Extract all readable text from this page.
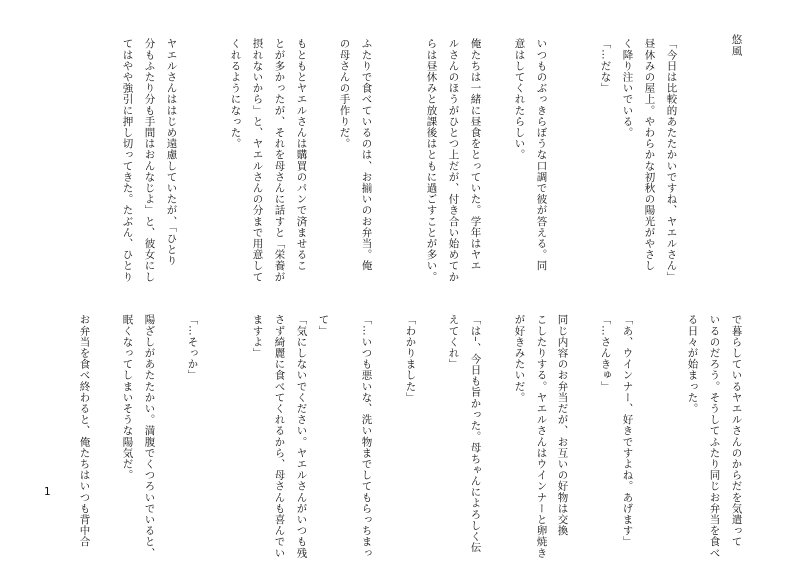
悠風
「今日は比較的あたたかいですね、ヤエルさん」
昼休みの屋上。やわらかな初秋の陽光がやさし
く降り注いでいる。
「…だな」
いつものぶっきらぼうな口調で彼が答える。同
意はしてくれたらしい。
俺たちは一緒に昼食をとっていた。学年はヤエ
ルさんのほうがひとつ上だが、付き合い始めてか
らは昼休みと放課後はともに過ごすことが多い。
ふたりで食べているのは、お揃いのお弁当。俺
の母さんの手作りだ。
もともとヤエルさんは購買のパンで済ませるこ
とが多かったが、それを母さんに話すと「栄養が
摂れないから」と、ヤエルさんの分まで用意して
くれるようになった。
ヤエルさんははじめ遠慮していたが、「ひとり
分もふたり分も手間はおんなじよ」と、彼女にし
てはやや強引に押し切ってきた。たぶん、ひとり
で暮らしているヤエルさんのからだを気遣って
いるのだろう。そうしてふたり同じお弁当を食べ
る日々が始まった。
「あ、ウインナー、好きですよね。あげます」
「…さんきゅ」
同じ内容のお弁当だが、お互いの好物は交換
こしたりする。ヤエルさんはウインナーと卵焼き
が好きみたいだ。
「は–、今日も旨かった。母ちゃんによろしく伝
えてくれ」
「わかりました」
「…いつも悪いな、洗い物までしてもらっちまっ
て」
「気にしないでください。ヤエルさんがいつも残
さず綺麗に食べてくれるから、母さんも喜んでい
ますよ」
「…そっか」
陽ざしがあたたかい。満腹でくつろいでいると、
眠くなってしまいそうな陽気だ。
お弁当を食べ終わると、俺たちはいつも背中合
1
